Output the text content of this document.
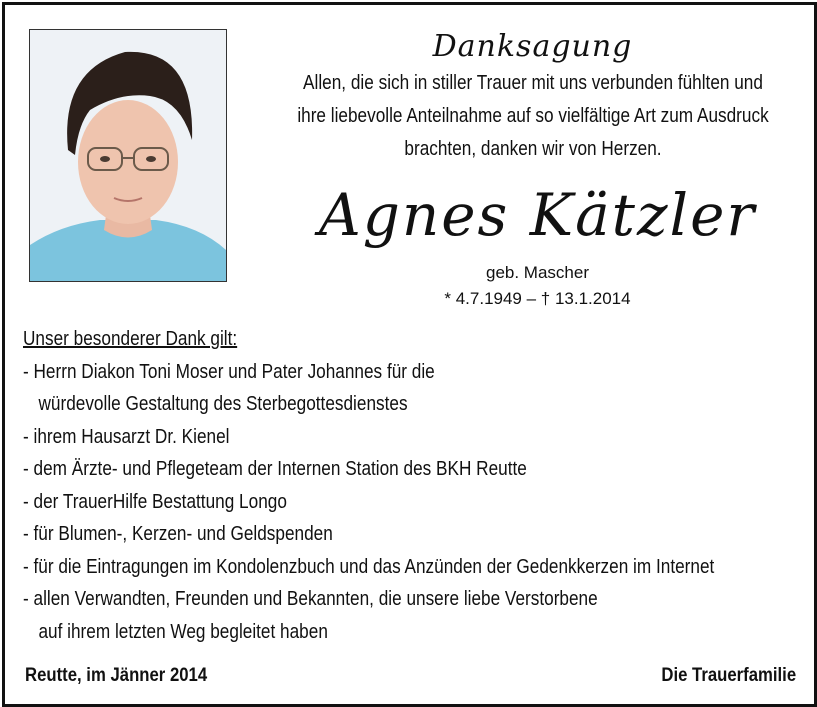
Danksagung
Allen, die sich in stiller Trauer mit uns verbunden fühlten und
ihre liebevolle Anteilnahme auf so vielfältige Art zum Ausdruck
brachten, danken wir von Herzen.
Agnes Kätzler
geb. Mascher
* 4.7.1949 – † 13.1.2014
Unser besonderer Dank gilt:
- Herrn Diakon Toni Moser und Pater Johannes für die
würdevolle Gestaltung des Sterbegottesdienstes
- ihrem Hausarzt Dr. Kienel
- dem Ärzte- und Pflegeteam der Internen Station des BKH Reutte
- der TrauerHilfe Bestattung Longo
- für Blumen-, Kerzen- und Geldspenden
- für die Eintragungen im Kondolenzbuch und das Anzünden der Gedenkkerzen im Internet
- allen Verwandten, Freunden und Bekannten, die unsere liebe Verstorbene
auf ihrem letzten Weg begleitet haben
Reutte, im Jänner 2014	Die Trauerfamilie
